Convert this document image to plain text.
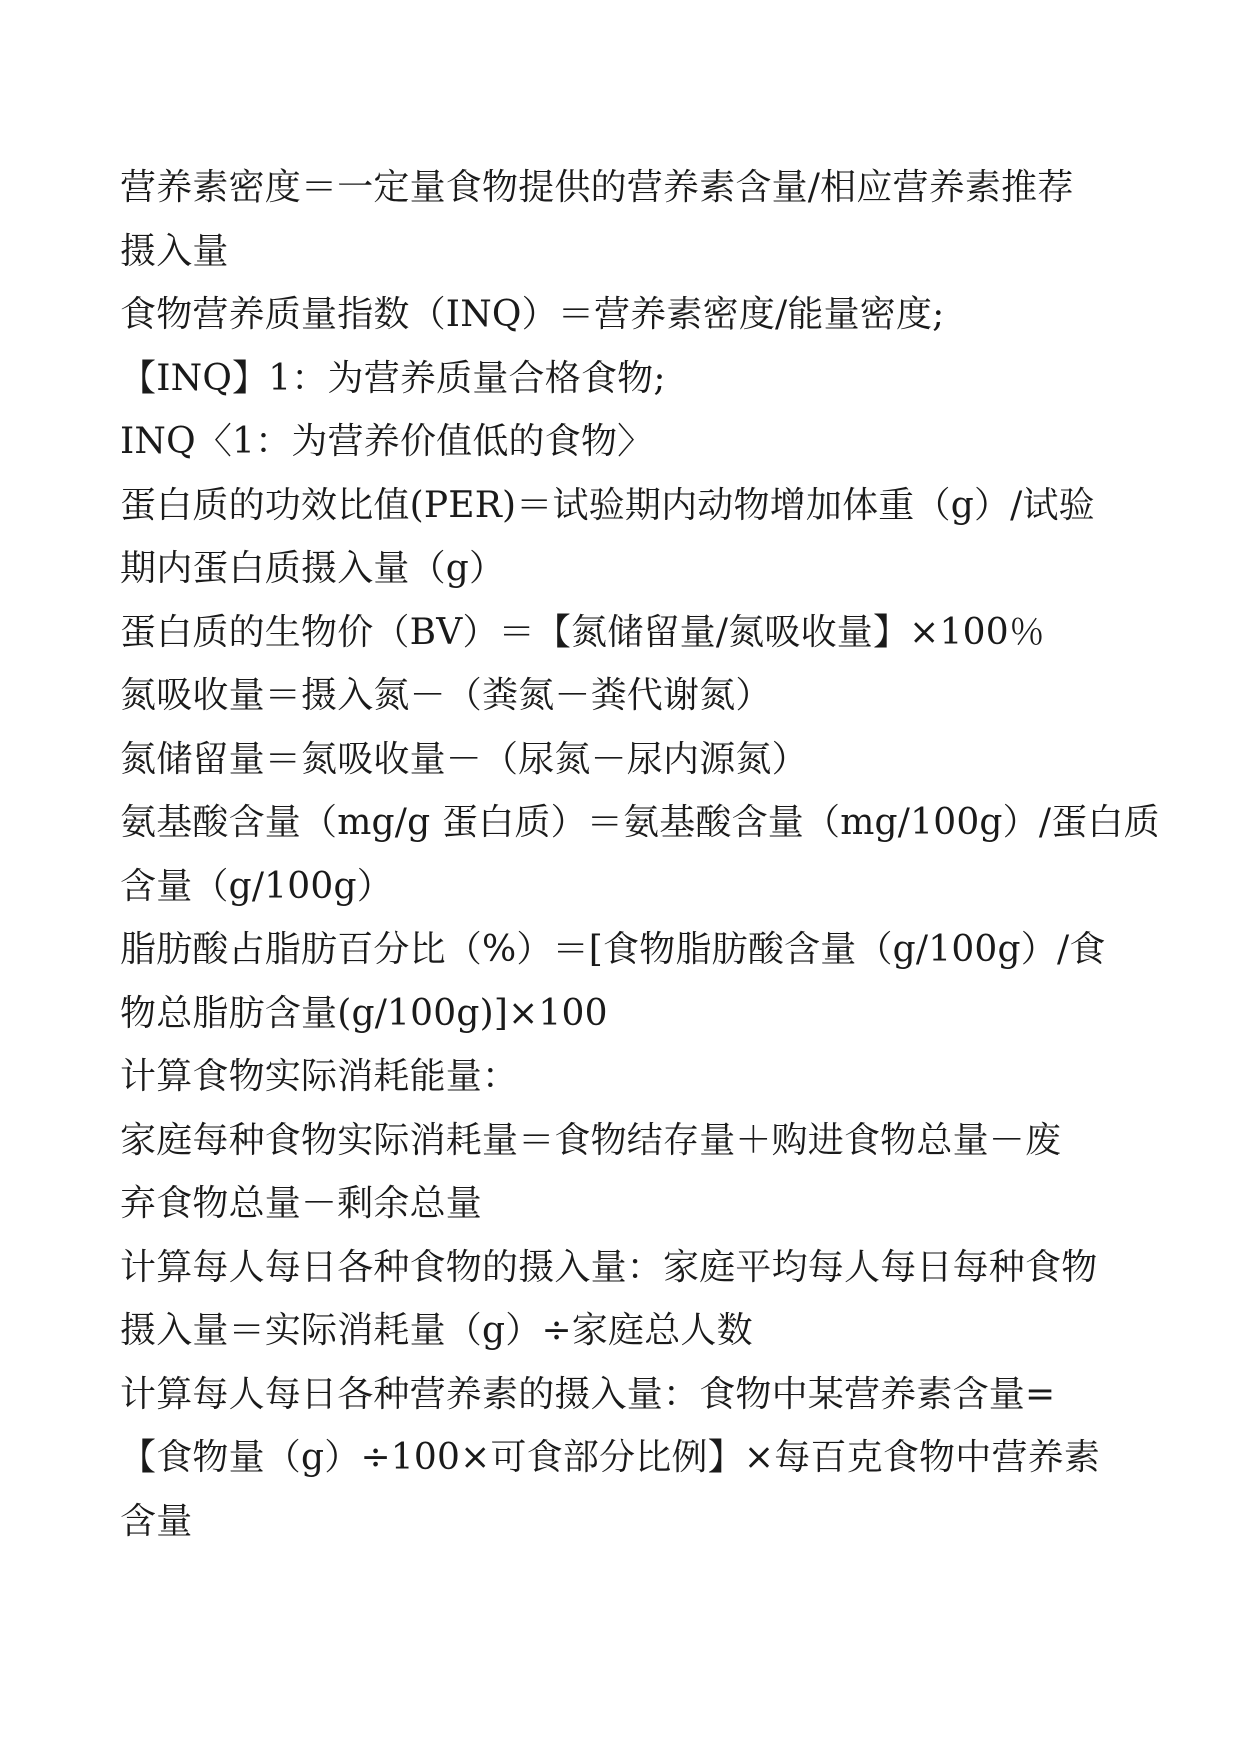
营养素密度＝一定量食物提供的营养素含量/相应营养素推荐
摄入量
食物营养质量指数（INQ）＝营养素密度/能量密度;
【INQ】1：为营养质量合格食物;
INQ〈1：为营养价值低的食物〉
蛋白质的功效比值(PER)＝试验期内动物增加体重（g）/试验
期内蛋白质摄入量（g）
蛋白质的生物价（BV）＝【氮储留量/氮吸收量】×100％
氮吸收量＝摄入氮－（粪氮－粪代谢氮）
氮储留量＝氮吸收量－（尿氮－尿内源氮）
氨基酸含量（mg/g 蛋白质）＝氨基酸含量（mg/100g）/蛋白质
含量（g/100g）
脂肪酸占脂肪百分比（%）＝[食物脂肪酸含量（g/100g）/食
物总脂肪含量(g/100g)]×100
计算食物实际消耗能量：
家庭每种食物实际消耗量＝食物结存量＋购进食物总量－废
弃食物总量－剩余总量
计算每人每日各种食物的摄入量：家庭平均每人每日每种食物
摄入量＝实际消耗量（g）÷家庭总人数
计算每人每日各种营养素的摄入量：食物中某营养素含量=
【食物量（g）÷100×可食部分比例】×每百克食物中营养素
含量
